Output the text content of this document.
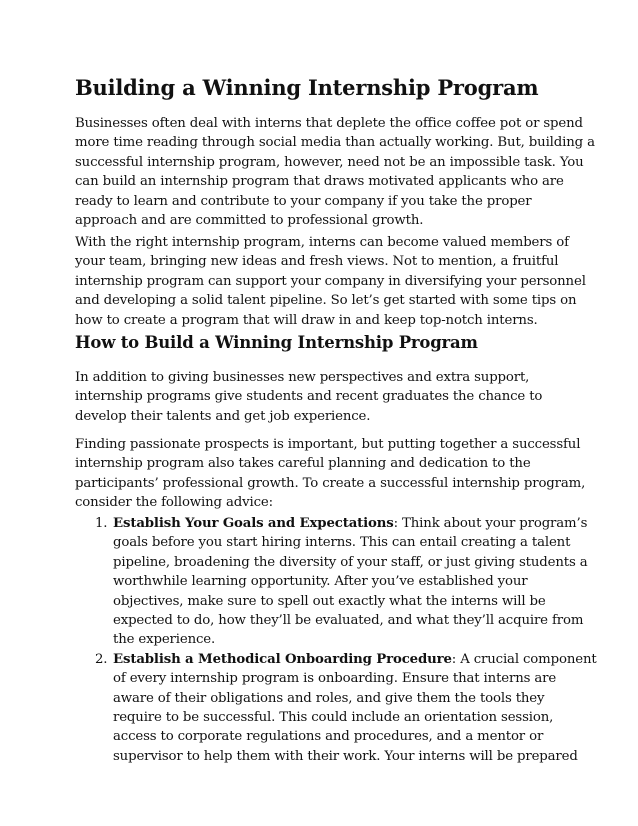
Building a Winning Internship Program

Businesses often deal with interns that deplete the office coffee pot or spend
more time reading through social media than actually working. But, building a
successful internship program, however, need not be an impossible task. You
can build an internship program that draws motivated applicants who are
ready to learn and contribute to your company if you take the proper
approach and are committed to professional growth.

With the right internship program, interns can become valued members of
your team, bringing new ideas and fresh views. Not to mention, a fruitful
internship program can support your company in diversifying your personnel
and developing a solid talent pipeline. So let’s get started with some tips on
how to create a program that will draw in and keep top-notch interns.

How to Build a Winning Internship Program

In addition to giving businesses new perspectives and extra support,
internship programs give students and recent graduates the chance to
develop their talents and get job experience.

Finding passionate prospects is important, but putting together a successful
internship program also takes careful planning and dedication to the
participants’ professional growth. To create a successful internship program,
consider the following advice:

1. Establish Your Goals and Expectations: Think about your program’s
goals before you start hiring interns. This can entail creating a talent
pipeline, broadening the diversity of your staff, or just giving students a
worthwhile learning opportunity. After you’ve established your
objectives, make sure to spell out exactly what the interns will be
expected to do, how they’ll be evaluated, and what they’ll acquire from
the experience.
2. Establish a Methodical Onboarding Procedure: A crucial component
of every internship program is onboarding. Ensure that interns are
aware of their obligations and roles, and give them the tools they
require to be successful. This could include an orientation session,
access to corporate regulations and procedures, and a mentor or
supervisor to help them with their work. Your interns will be prepared
